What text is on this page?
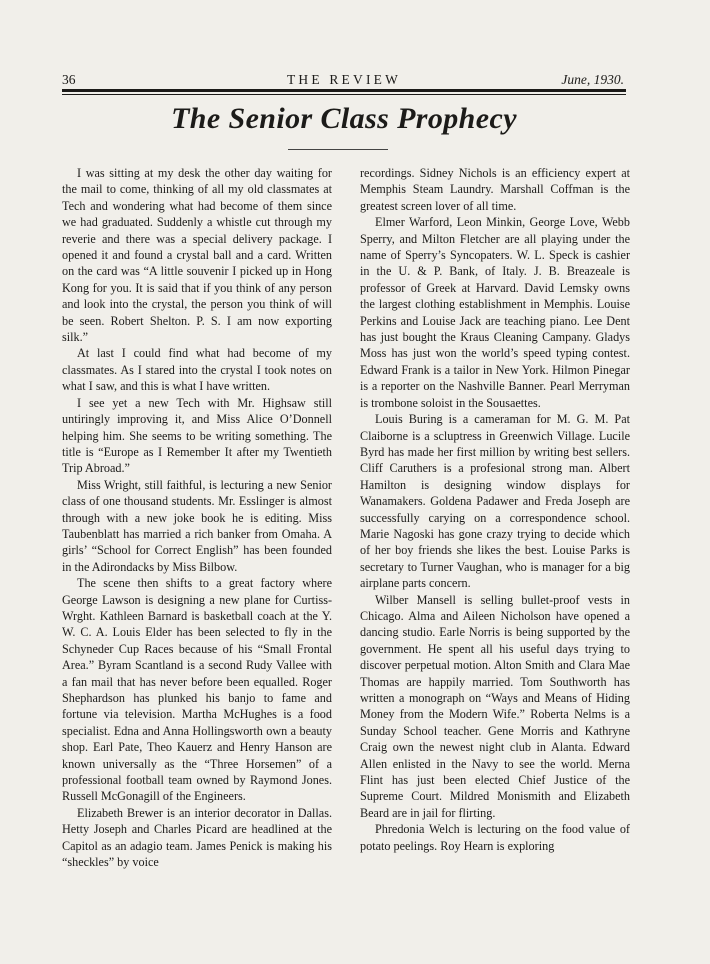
36	THE REVIEW	June, 1930.
The Senior Class Prophecy

I was sitting at my desk the other day waiting for the mail to come, thinking of all my old classmates at Tech and wondering what had become of them since we had graduated. Suddenly a whistle cut through my reverie and there was a special delivery package. I opened it and found a crystal ball and a card. Written on the card was “A little souvenir I picked up in Hong Kong for you. It is said that if you think of any person and look into the crystal, the person you think of will be seen. Robert Shelton. P. S. I am now exporting silk.”

At last I could find what had become of my classmates. As I stared into the crystal I took notes on what I saw, and this is what I have written.

I see yet a new Tech with Mr. Highsaw still untiringly improving it, and Miss Alice O’Donnell helping him. She seems to be writing something. The title is “Europe as I Remember It after my Twentieth Trip Abroad.”

Miss Wright, still faithful, is lecturing a new Senior class of one thousand students. Mr. Esslinger is almost through with a new joke book he is editing. Miss Taubenblatt has married a rich banker from Omaha. A girls’ “School for Correct English” has been founded in the Adirondacks by Miss Bilbow.

The scene then shifts to a great factory where George Lawson is designing a new plane for Curtiss-Wrght. Kathleen Barnard is basketball coach at the Y. W. C. A. Louis Elder has been selected to fly in the Schyneder Cup Races because of his “Small Frontal Area.” Byram Scantland is a second Rudy Vallee with a fan mail that has never before been equalled. Roger Shephardson has plunked his banjo to fame and fortune via television. Martha McHughes is a food specialist. Edna and Anna Hollingsworth own a beauty shop. Earl Pate, Theo Kauerz and Henry Hanson are known universally as the “Three Horsemen” of a professional football team owned by Raymond Jones. Russell McGonagill of the Engineers.

Elizabeth Brewer is an interior decorator in Dallas. Hetty Joseph and Charles Picard are headlined at the Capitol as an adagio team. James Penick is making his “sheckles” by voice

recordings. Sidney Nichols is an efficiency expert at Memphis Steam Laundry. Marshall Coffman is the greatest screen lover of all time.

Elmer Warford, Leon Minkin, George Love, Webb Sperry, and Milton Fletcher are all playing under the name of Sperry’s Syncopaters. W. L. Speck is cashier in the U. & P. Bank, of Italy. J. B. Breazeale is professor of Greek at Harvard. David Lemsky owns the largest clothing establishment in Memphis. Louise Perkins and Louise Jack are teaching piano. Lee Dent has just bought the Kraus Cleaning Campany. Gladys Moss has just won the world’s speed typing contest. Edward Frank is a tailor in New York. Hilmon Pinegar is a reporter on the Nashville Banner. Pearl Merryman is trombone soloist in the Sousaettes.

Louis Buring is a cameraman for M. G. M. Pat Claiborne is a scluptress in Greenwich Village. Lucile Byrd has made her first million by writing best sellers. Cliff Caruthers is a profesional strong man. Albert Hamilton is designing window displays for Wanamakers. Goldena Padawer and Freda Joseph are successfully carying on a correspondence school. Marie Nagoski has gone crazy trying to decide which of her boy friends she likes the best. Louise Parks is secretary to Turner Vaughan, who is manager for a big airplane parts concern.

Wilber Mansell is selling bullet-proof vests in Chicago. Alma and Aileen Nicholson have opened a dancing studio. Earle Norris is being supported by the government. He spent all his useful days trying to discover perpetual motion. Alton Smith and Clara Mae Thomas are happily married. Tom Southworth has written a monograph on “Ways and Means of Hiding Money from the Modern Wife.” Roberta Nelms is a Sunday School teacher. Gene Morris and Kathryne Craig own the newest night club in Alanta. Edward Allen enlisted in the Navy to see the world. Merna Flint has just been elected Chief Justice of the Supreme Court. Mildred Monismith and Elizabeth Beard are in jail for flirting.

Phredonia Welch is lecturing on the food value of potato peelings. Roy Hearn is exploring
